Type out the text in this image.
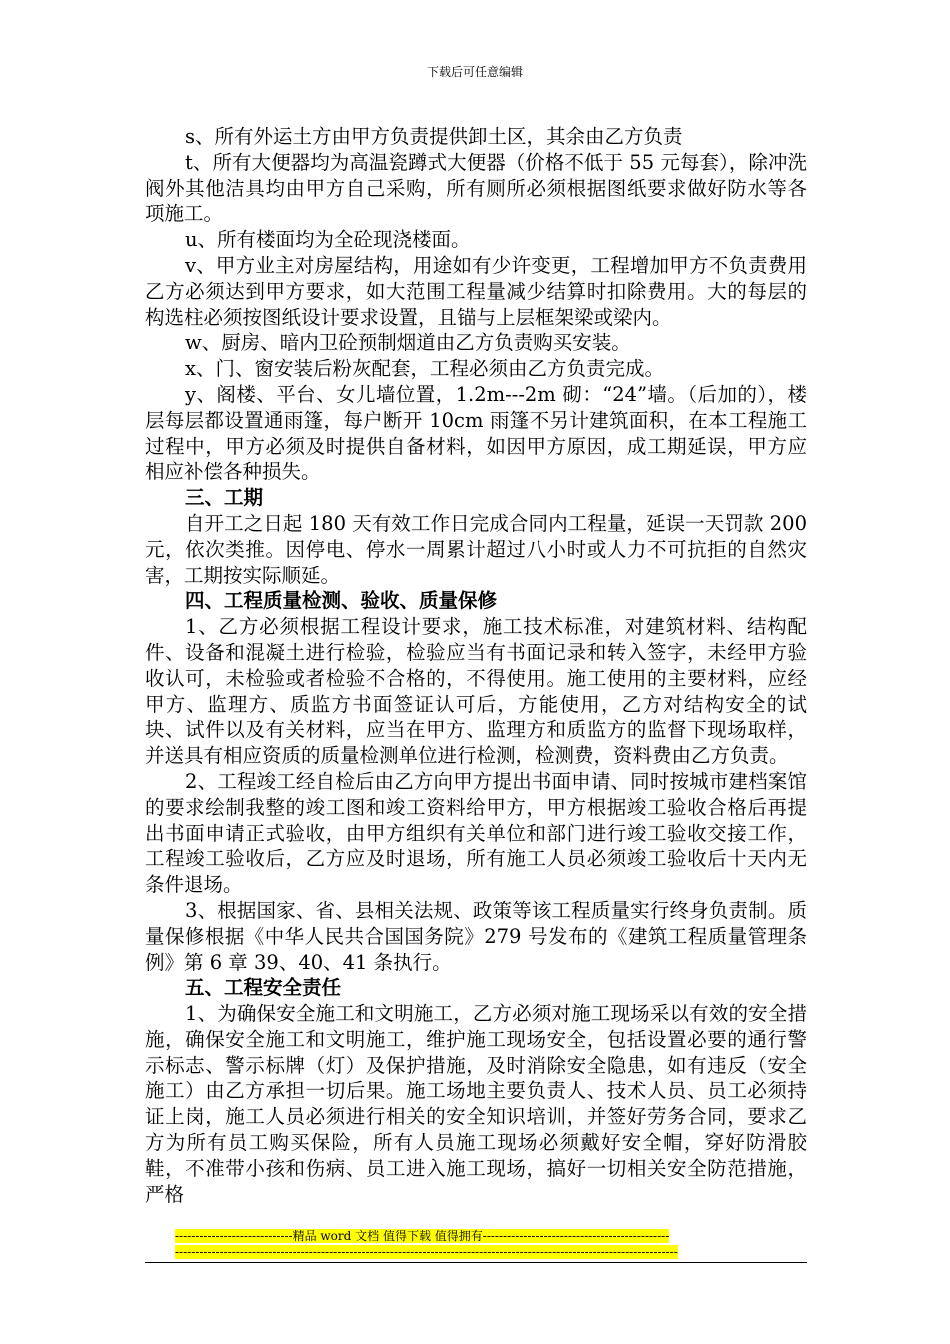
下载后可任意编辑

s、所有外运土方由甲方负责提供卸土区，其余由乙方负责

t、所有大便器均为高温瓷蹲式大便器（价格不低于 55 元每套），除冲洗阀外其他洁具均由甲方自己采购，所有厕所必须根据图纸要求做好防水等各项施工。

u、所有楼面均为全砼现浇楼面。

v、甲方业主对房屋结构，用途如有少许变更，工程增加甲方不负责费用乙方必须达到甲方要求，如大范围工程量减少结算时扣除费用。大的每层的构选柱必须按图纸设计要求设置，且锚与上层框架梁或梁内。

w、厨房、暗内卫砼预制烟道由乙方负责购买安装。

x、门、窗安装后粉灰配套，工程必须由乙方负责完成。

y、阁楼、平台、女儿墙位置，1.2m---2m 砌：“24”墙。（后加的），楼层每层都设置通雨篷，每户断开 10cm 雨篷不另计建筑面积，在本工程施工过程中，甲方必须及时提供自备材料，如因甲方原因，成工期延误，甲方应相应补偿各种损失。

三、工期

自开工之日起 180 天有效工作日完成合同内工程量，延误一天罚款 200 元，依次类推。因停电、停水一周累计超过八小时或人力不可抗拒的自然灾害，工期按实际顺延。

四、工程质量检测、验收、质量保修

1、乙方必须根据工程设计要求，施工技术标准，对建筑材料、结构配件、设备和混凝土进行检验，检验应当有书面记录和转入签字，未经甲方验收认可，未检验或者检验不合格的，不得使用。施工使用的主要材料，应经甲方、监理方、质监方书面签证认可后，方能使用，乙方对结构安全的试块、试件以及有关材料，应当在甲方、监理方和质监方的监督下现场取样，并送具有相应资质的质量检测单位进行检测，检测费，资料费由乙方负责。

2、工程竣工经自检后由乙方向甲方提出书面申请、同时按城市建档案馆的要求绘制我整的竣工图和竣工资料给甲方，甲方根据竣工验收合格后再提出书面申请正式验收，由甲方组织有关单位和部门进行竣工验收交接工作，工程竣工验收后，乙方应及时退场，所有施工人员必须竣工验收后十天内无条件退场。

3、根据国家、省、县相关法规、政策等该工程质量实行终身负责制。质量保修根据《中华人民共合国国务院》279 号发布的《建筑工程质量管理条例》第 6 章 39、40、41 条执行。

五、工程安全责任

1、为确保安全施工和文明施工，乙方必须对施工现场采以有效的安全措施，确保安全施工和文明施工，维护施工现场安全，包括设置必要的通行警示标志、警示标牌（灯）及保护措施，及时消除安全隐患，如有违反（安全施工）由乙方承担一切后果。施工场地主要负责人、技术人员、员工必须持证上岗，施工人员必须进行相关的安全知识培训，并签好劳务合同，要求乙方为所有员工购买保险，所有人员施工现场必须戴好安全帽，穿好防滑胶鞋，不准带小孩和伤病、员工进入施工现场，搞好一切相关安全防范措施，严格

-----------------------------精品 word 文档 值得下载 值得拥有----------------------------------------------
----------------------------------------------------------------------------------------------------------------------------
